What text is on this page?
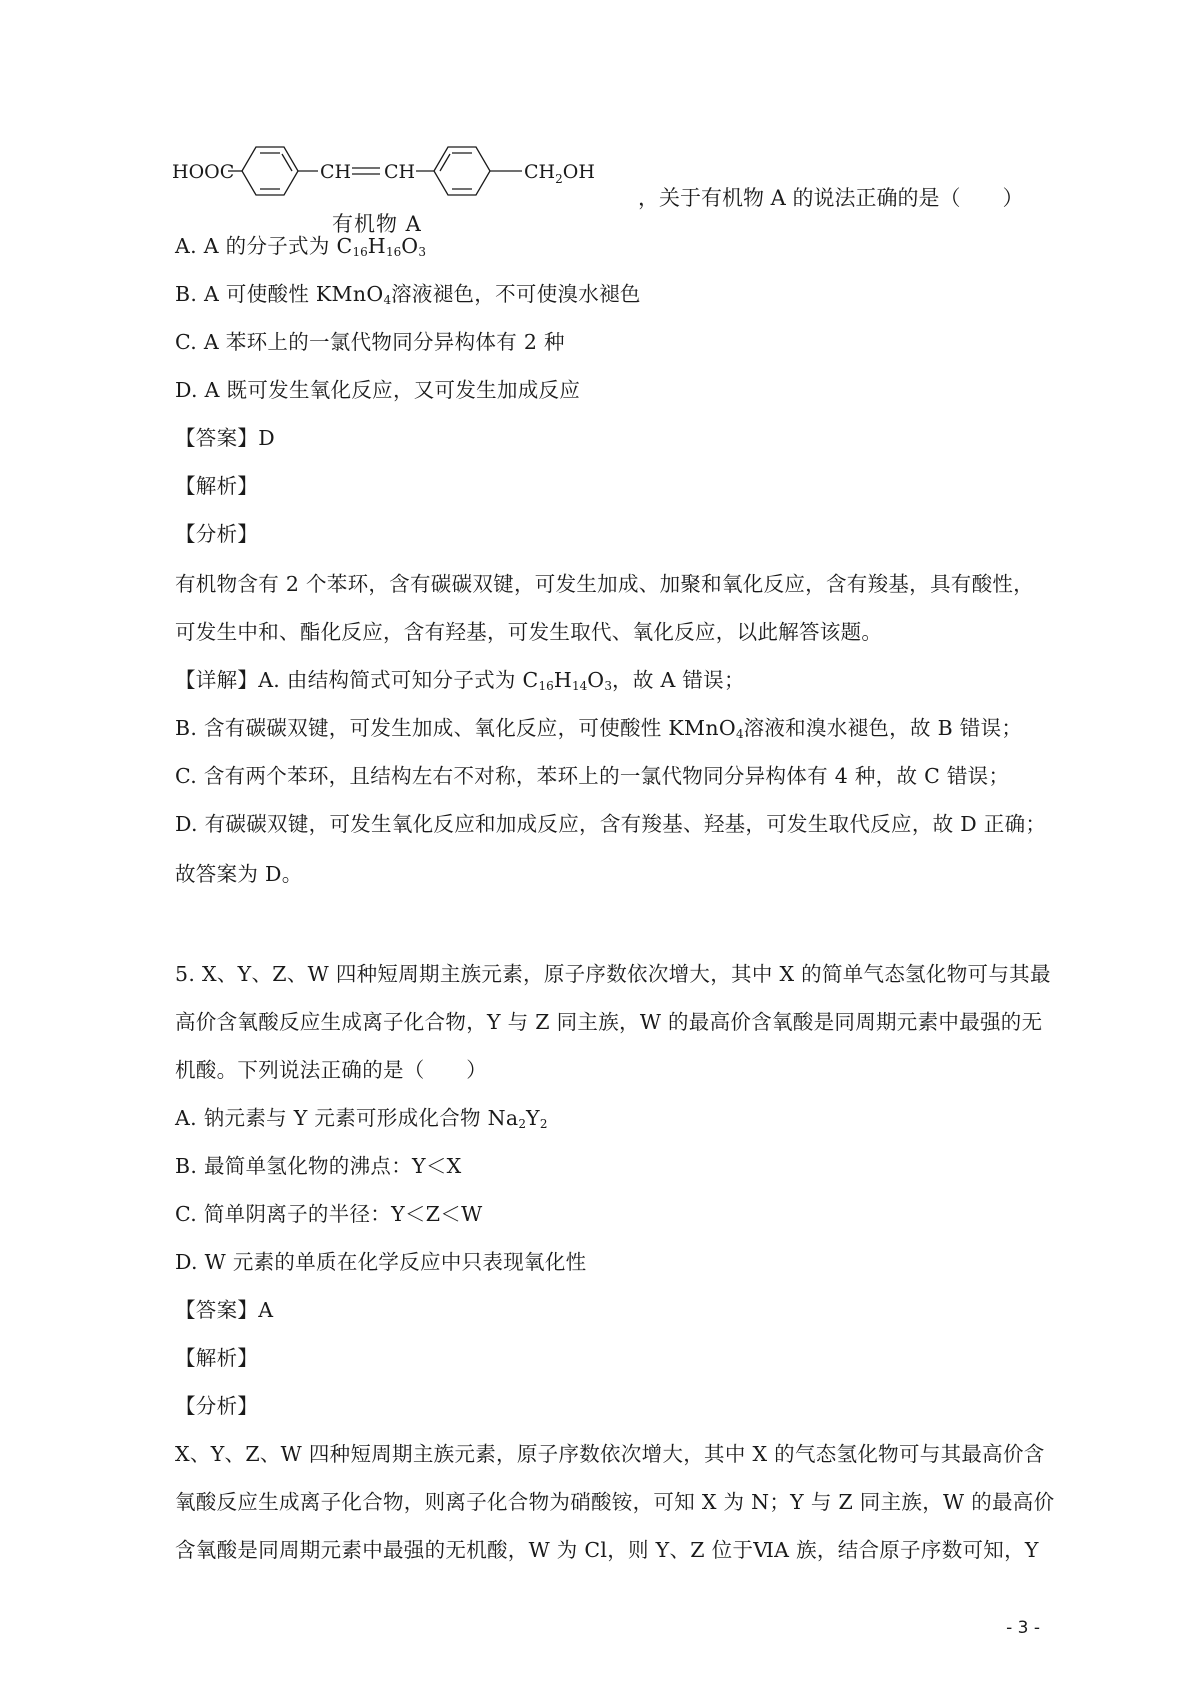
HOOC	CH CH	$CH_2OH$
有机物 A
，关于有机物 A 的说法正确的是（　　）
A. A 的分子式为 $C_{16}H_{16}O_3$
B. A 可使酸性 KMnO$_4$溶液褪色，不可使溴水褪色
C. A 苯环上的一氯代物同分异构体有 2 种
D. A 既可发生氧化反应，又可发生加成反应
【答案】D
【解析】
【分析】
有机物含有 2 个苯环，含有碳碳双键，可发生加成、加聚和氧化反应，含有羧基，具有酸性，
可发生中和、酯化反应，含有羟基，可发生取代、氧化反应，以此解答该题。
【详解】A. 由结构简式可知分子式为 $C_{16}H_{14}O_3$，故 A 错误；
B. 含有碳碳双键，可发生加成、氧化反应，可使酸性 KMnO$_4$溶液和溴水褪色，故 B 错误；
C. 含有两个苯环，且结构左右不对称，苯环上的一氯代物同分异构体有 4 种，故 C 错误；
D. 有碳碳双键，可发生氧化反应和加成反应，含有羧基、羟基，可发生取代反应，故 D 正确；
故答案为 D。
5. X、Y、Z、W 四种短周期主族元素，原子序数依次增大，其中 X 的简单气态氢化物可与其最
高价含氧酸反应生成离子化合物，Y 与 Z 同主族，W 的最高价含氧酸是同周期元素中最强的无
机酸。下列说法正确的是（　　）
A. 钠元素与 Y 元素可形成化合物 $Na_2Y_2$
B. 最简单氢化物的沸点：Y＜X
C. 简单阴离子的半径：Y＜Z＜W
D. W 元素的单质在化学反应中只表现氧化性
【答案】A
【解析】
【分析】
X、Y、Z、W 四种短周期主族元素，原子序数依次增大，其中 X 的气态氢化物可与其最高价含
氧酸反应生成离子化合物，则离子化合物为硝酸铵，可知 X 为 N；Y 与 Z 同主族，W 的最高价
含氧酸是同周期元素中最强的无机酸，W 为 Cl，则 Y、Z 位于ⅥA 族，结合原子序数可知，Y
- 3 -
